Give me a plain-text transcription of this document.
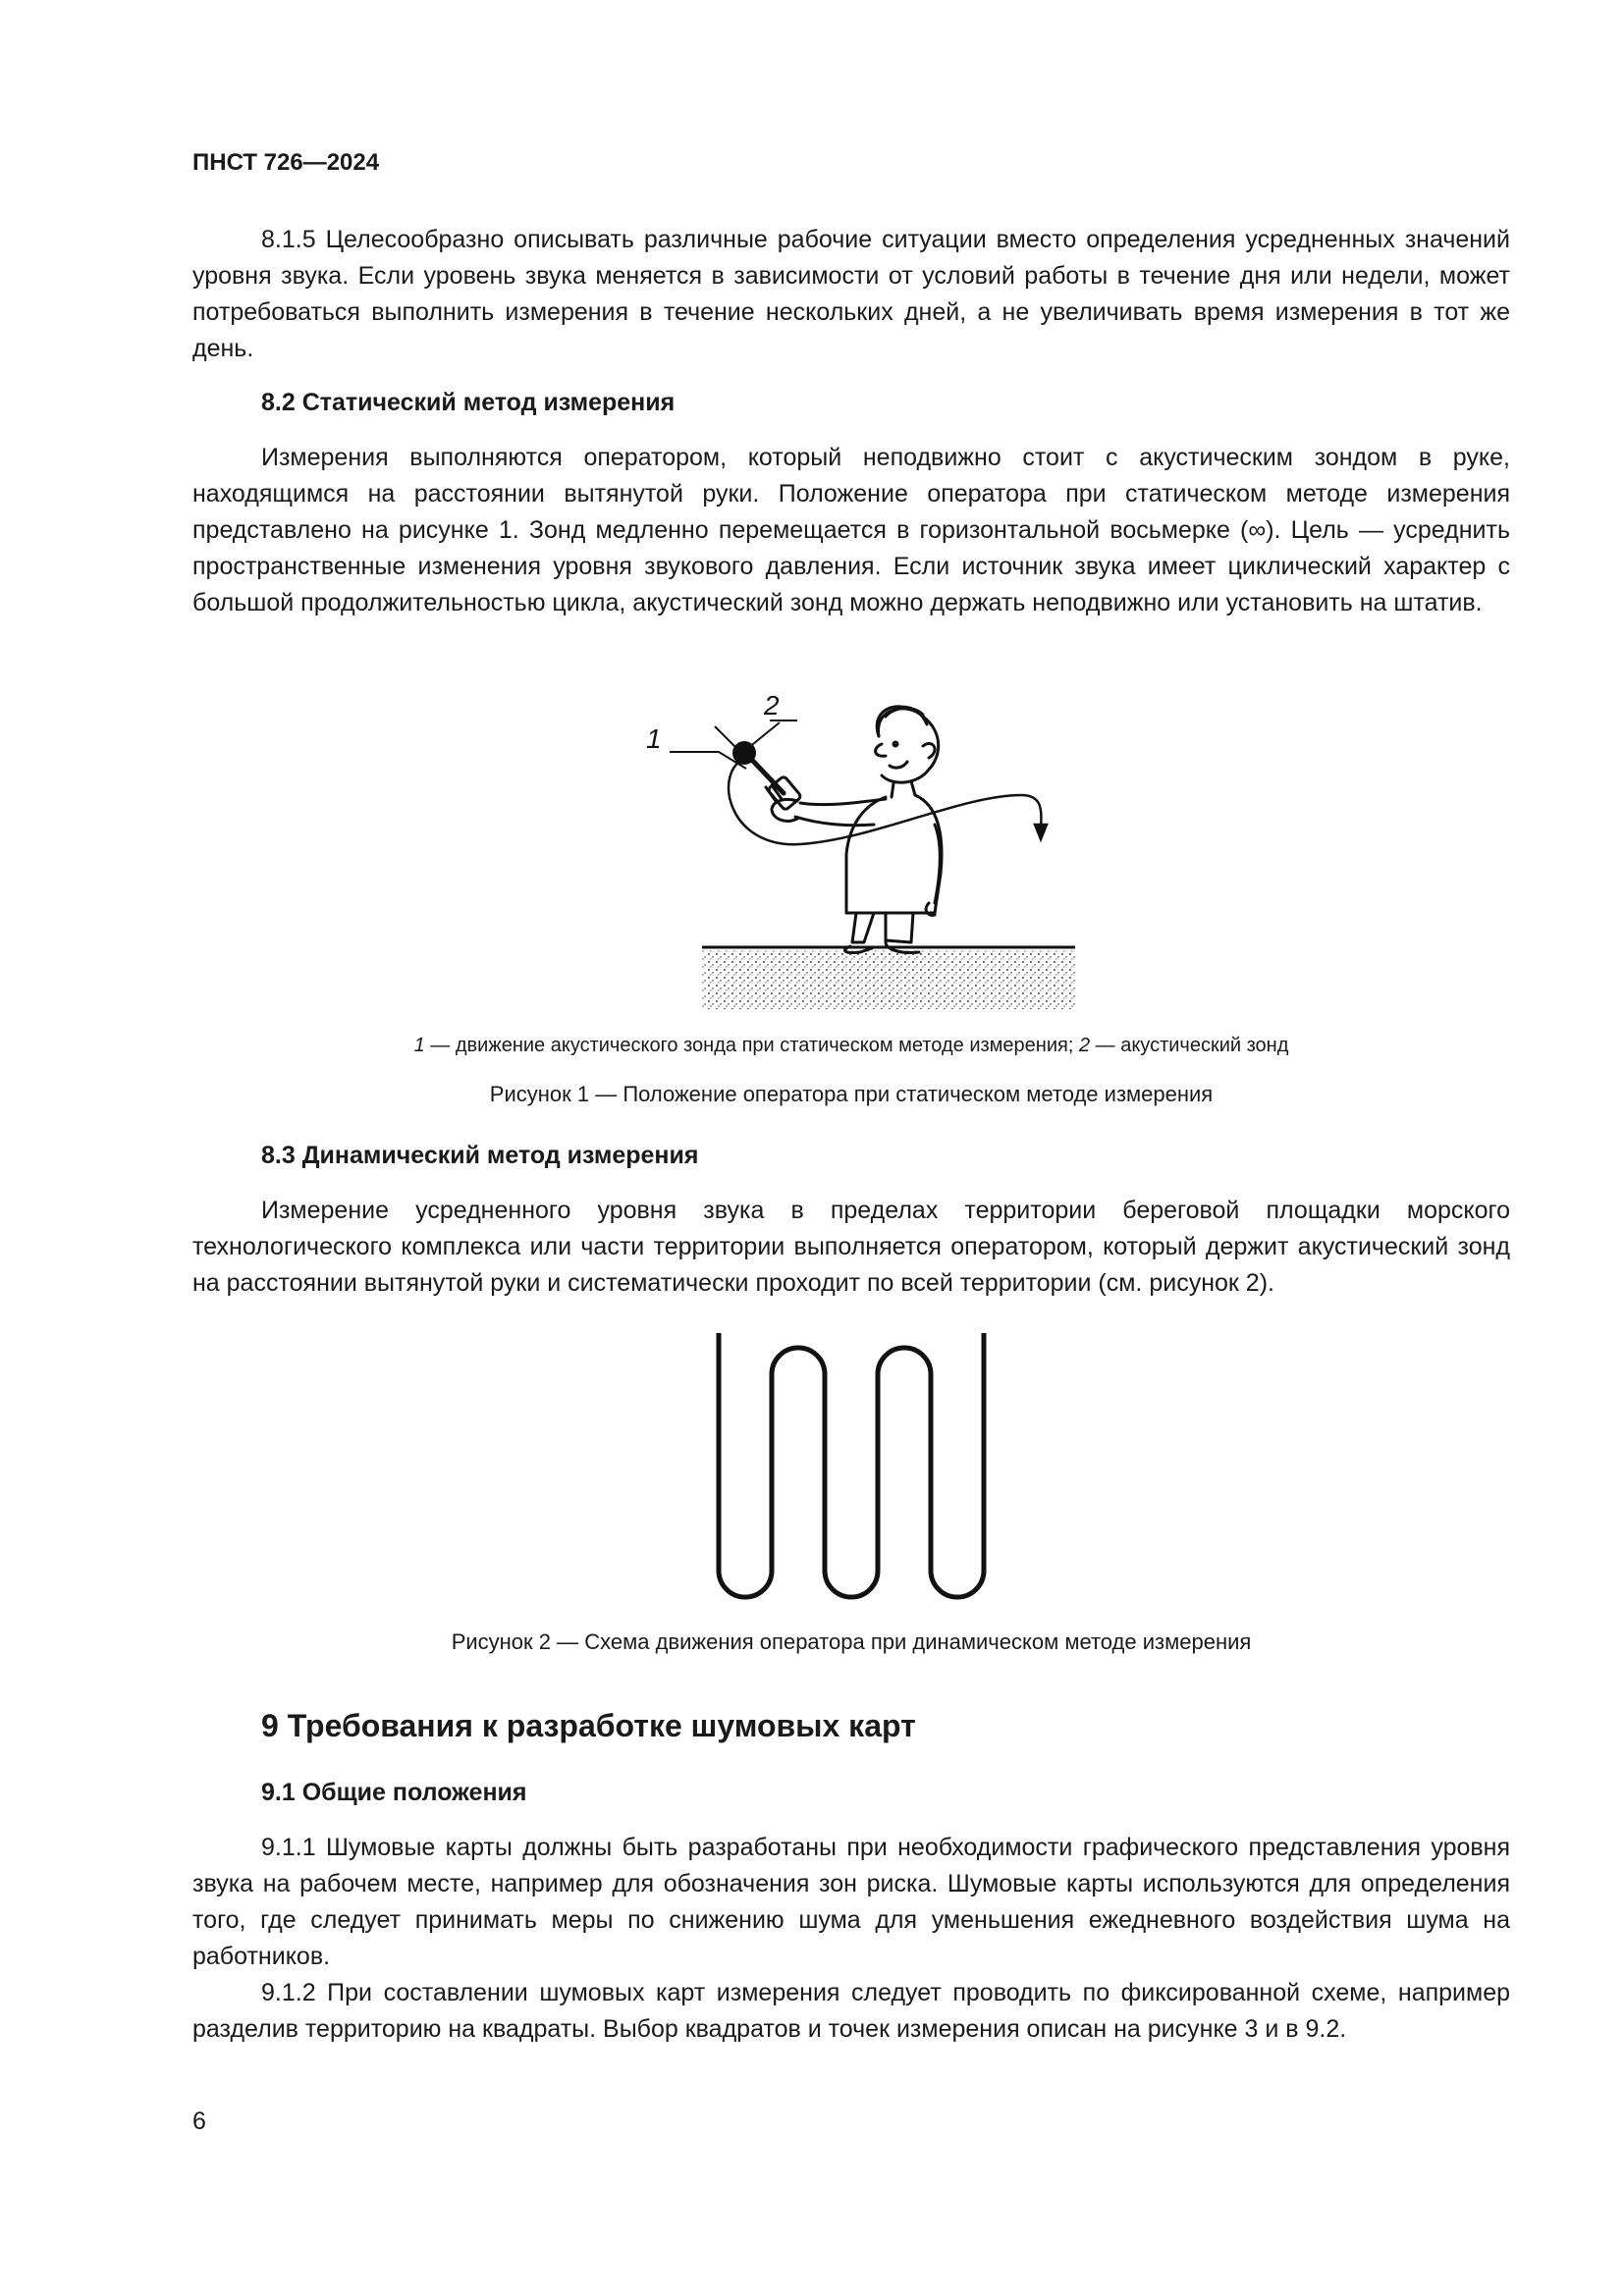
ПНСТ 726—2024

8.1.5 Целесообразно описывать различные рабочие ситуации вместо определения усредненных значений уровня звука. Если уровень звука меняется в зависимости от условий работы в течение дня или недели, может потребоваться выполнить измерения в течение нескольких дней, а не увеличивать время измерения в тот же день.

8.2 Статический метод измерения

Измерения выполняются оператором, который неподвижно стоит с акустическим зондом в руке, находящимся на расстоянии вытянутой руки. Положение оператора при статическом методе измерения представлено на рисунке 1. Зонд медленно перемещается в горизонтальной восьмерке (∞). Цель — усреднить пространственные изменения уровня звукового давления. Если источник звука имеет циклический характер с большой продолжительностью цикла, акустический зонд можно держать неподвижно или установить на штатив.

2
1
1 — движение акустического зонда при статическом методе измерения; 2 — акустический зонд
Рисунок 1 — Положение оператора при статическом методе измерения
8.3 Динамический метод измерения

Измерение усредненного уровня звука в пределах территории береговой площадки морского технологического комплекса или части территории выполняется оператором, который держит акустический зонд на расстоянии вытянутой руки и систематически проходит по всей территории (см. рисунок 2).

Рисунок 2 — Схема движения оператора при динамическом методе измерения
9 Требования к разработке шумовых карт
9.1 Общие положения

9.1.1 Шумовые карты должны быть разработаны при необходимости графического представления уровня звука на рабочем месте, например для обозначения зон риска. Шумовые карты используются для определения того, где следует принимать меры по снижению шума для уменьшения ежедневного воздействия шума на работников.

9.1.2 При составлении шумовых карт измерения следует проводить по фиксированной схеме, например разделив территорию на квадраты. Выбор квадратов и точек измерения описан на рисунке 3 и в 9.2.

6
